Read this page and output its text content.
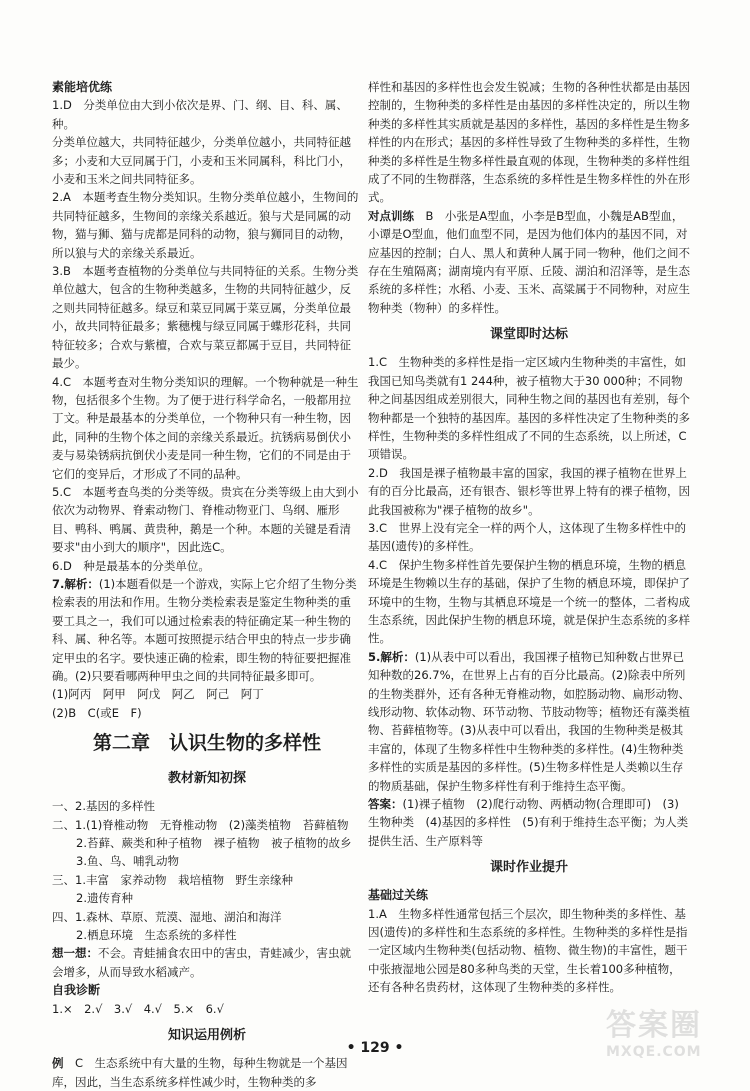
素能培优练

1.D　分类单位由大到小依次是界、门、纲、目、科、属、种。

分类单位越大，共同特征越少，分类单位越小，共同特征越多；小麦和大豆同属于门，小麦和玉米同属科，科比门小，小麦和玉米之间共同特征多。

2.A　本题考查生物分类知识。生物分类单位越小，生物间的共同特征越多，生物间的亲缘关系越近。狼与犬是同属的动物，猫与狮、猫与虎都是同科的动物，狼与狮同目的动物，所以狼与犬的亲缘关系最近。

3.B　本题考查植物的分类单位与共同特征的关系。生物分类单位越大，包含的生物种类越多，生物的共同特征越少，反之则共同特征越多。绿豆和菜豆同属于菜豆属，分类单位最小，故共同特征最多；紫穗槐与绿豆同属于蝶形花科，共同特征较多；合欢与紫檀，合欢与菜豆都属于豆目，共同特征最少。

4.C　本题考查对生物分类知识的理解。一个物种就是一种生物，包括很多个生物。为了便于进行科学命名，一般都用拉丁文。种是最基本的分类单位，一个物种只有一种生物，因此，同种的生物个体之间的亲缘关系最近。抗锈病易倒伏小麦与易染锈病抗倒伏小麦是同一种生物，它们的不同是由于它们的变异后，才形成了不同的品种。

5.C　本题考查鸟类的分类等级。贵宾在分类等级上由大到小依次为动物界、脊索动物门、脊椎动物亚门、鸟纲、雁形目、鸭科、鸭属、黄贵种，鹅是一个种。本题的关键是看清要求"由小到大的顺序"，因此选C。

6.D　种是最基本的分类单位。

7.解析：(1)本题看似是一个游戏，实际上它介绍了生物分类检索表的用法和作用。生物分类检索表是鉴定生物种类的重要工具之一，我们可以通过检索表的特征确定某一种生物的科、属、种名等。本题可按照提示结合甲虫的特点一步步确定甲虫的名字。要快速正确的检索，即生物的特征要把握准确。(2)只要看哪两种甲虫之间的共同特征最多即可。

(1)阿丙　阿甲　阿戊　阿乙　阿己　阿丁

(2)B　C(或E　F)

第二章　认识生物的多样性
教材新知初探

一、2.基因的多样性

二、1.(1)脊椎动物　无脊椎动物　(2)藻类植物　苔藓植物

2.苔藓、蕨类和种子植物　裸子植物　被子植物的故乡

3.鱼、鸟、哺乳动物

三、1.丰富　家养动物　栽培植物　野生亲缘种

2.遗传育种

四、1.森林、草原、荒漠、湿地、湖泊和海洋

2.栖息环境　生态系统的多样性

想一想：不会。青蛙捕食农田中的害虫，青蛙减少，害虫就会增多，从而导致水稻减产。

自我诊断

1.×　2.√　3.√　4.√　5.×　6.√

知识运用例析

例　 C　生态系统中有大量的生物，每种生物就是一个基因库，因此，当生态系统多样性减少时，生物种类的多

样性和基因的多样性也会发生锐减；生物的各种性状都是由基因控制的，生物种类的多样性是由基因的多样性决定的，所以生物种类的多样性其实质就是基因的多样性，基因的多样性是生物多样性的内在形式；基因的多样性导致了生物种类的多样性，生物种类的多样性是生物多样性最直观的体现，生物种类的多样性组成了不同的生物群落，生态系统的多样性是生物多样性的外在形式。

对点训练　 B　小张是A型血，小李是B型血，小魏是AB型血，小谭是O型血，他们血型不同，是因为他们体内的基因不同，对应基因的控制；白人、黑人和黄种人属于同一物种，他们之间不存在生殖隔离；湖南境内有平原、丘陵、湖泊和沼泽等，是生态系统的多样性；水稻、小麦、玉米、高粱属于不同物种，对应生物种类（物种）的多样性。

课堂即时达标

1.C　生物种类的多样性是指一定区域内生物种类的丰富性，如我国已知鸟类就有1 244种，被子植物大于30 000种；不同物种之间基因组成差别很大，同种生物之间的基因也有差别，每个物种都是一个独特的基因库。基因的多样性决定了生物种类的多样性，生物种类的多样性组成了不同的生态系统，以上所述，C项错误。

2.D　我国是裸子植物最丰富的国家，我国的裸子植物在世界上有的百分比最高，还有银杏、银杉等世界上特有的裸子植物，因此我国被称为"裸子植物的故乡"。

3.C　世界上没有完全一样的两个人，这体现了生物多样性中的基因(遗传)的多样性。

4.C　保护生物多样性首先要保护生物的栖息环境，生物的栖息环境是生物赖以生存的基础，保护了生物的栖息环境，即保护了环境中的生物，生物与其栖息环境是一个统一的整体，二者构成生态系统，因此保护生物的栖息环境，就是保护生态系统的多样性。

5.解析：(1)从表中可以看出，我国裸子植物已知种数占世界已知种数的26.7%，在世界上占有的百分比最高。(2)除表中所列的生物类群外，还有各种无脊椎动物，如腔肠动物、扁形动物、线形动物、软体动物、环节动物、节肢动物等；植物还有藻类植物、苔藓植物等。(3)从表中可以看出，我国的生物种类是极其丰富的，体现了生物多样性中生物种类的多样性。(4)生物种类多样性的实质是基因的多样性。(5)生物多样性是人类赖以生存的物质基础，保护生物多样性有利于维持生态平衡。

答案：(1)裸子植物　(2)爬行动物、两栖动物(合理即可)　(3)生物种类　(4)基因的多样性　(5)有利于维持生态平衡；为人类提供生活、生产原料等

课时作业提升

基础过关练

1.A　生物多样性通常包括三个层次，即生物种类的多样性、基因(遗传)的多样性和生态系统的多样性。生物种类的多样性是指一定区域内生物种类(包括动物、植物、微生物)的丰富性，题干中张掖湿地公园是80多种鸟类的天堂，生长着100多种植物，还有各种名贵药材，这体现了生物种类的多样性。

• 129 •
答案圈
MXQE.COM
